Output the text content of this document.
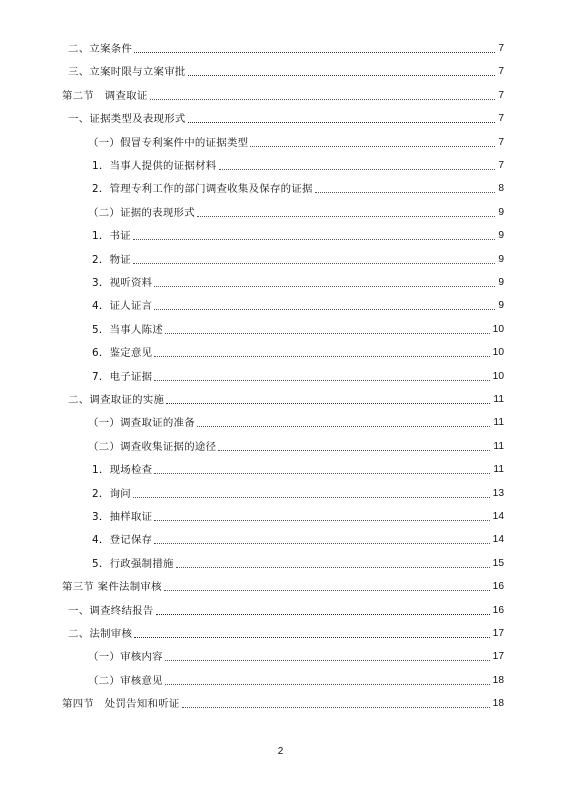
二、立案条件	7
三、立案时限与立案审批	7
第二节　调查取证	7
一、证据类型及表现形式	7
（一）假冒专利案件中的证据类型	7
1．当事人提供的证据材料	7
2．管理专利工作的部门调查收集及保存的证据	8
（二）证据的表现形式	9
1．书证	9
2．物证	9
3．视听资料	9
4．证人证言	9
5．当事人陈述	10
6．鉴定意见	10
7．电子证据	10
二、调查取证的实施	11
（一）调查取证的准备	11
（二）调查收集证据的途径	11
1．现场检查	11
2．询问	13
3．抽样取证	14
4．登记保存	14
5．行政强制措施	15
第三节 案件法制审核	16
一、调查终结报告	16
二、法制审核	17
（一）审核内容	17
（二）审核意见	18
第四节　处罚告知和听证	18
2
